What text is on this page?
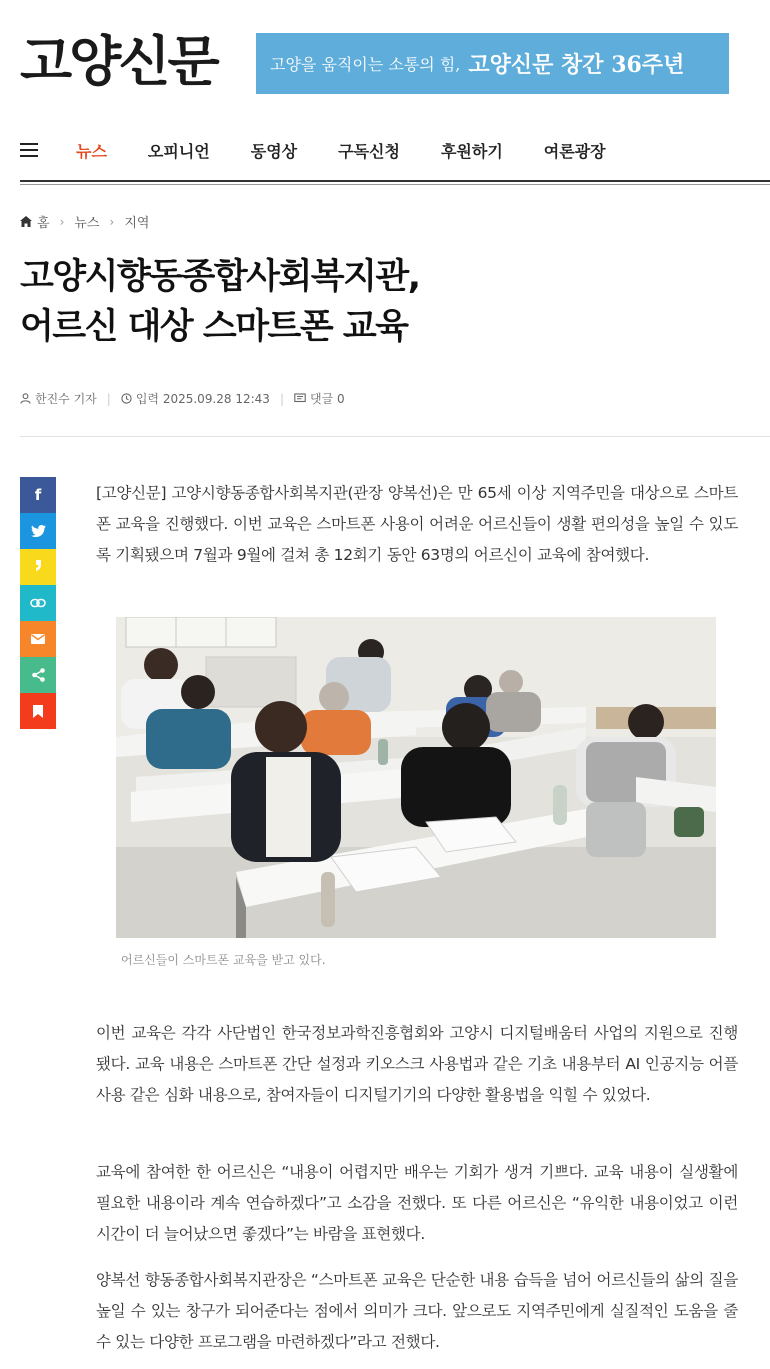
고양신문	고양을 움직이는 소통의 힘, 고양신문 창간 36주년
뉴스	오피니언	동영상	구독신청	후원하기	여론광장
홈 › 뉴스 › 지역
고양시향동종합사회복지관,
어르신 대상 스마트폰 교육
한진수 기자 | 입력 2025.09.28 12:43 | 댓글 0
f	[고양신문] 고양시향동종합사회복지관(관장 양복선)은 만 65세 이상 지역주민을 대상으로 스마트폰 교육을 진행했다. 이번 교육은 스마트폰 사용이 어려운 어르신들이 생활 편의성을 높일 수 있도록 기획됐으며 7월과 9월에 걸쳐 총 12회기 동안 63명의 어르신이 교육에 참여했다.

어르신들이 스마트폰 교육을 받고 있다.

이번 교육은 각각 사단법인 한국정보과학진흥협회와 고양시 디지털배움터 사업의 지원으로 진행됐다. 교육 내용은 스마트폰 간단 설정과 키오스크 사용법과 같은 기초 내용부터 AI 인공지능 어플 사용 같은 심화 내용으로, 참여자들이 디지털기기의 다양한 활용법을 익힐 수 있었다.

교육에 참여한 한 어르신은 “내용이 어렵지만 배우는 기회가 생겨 기쁘다. 교육 내용이 실생활에 필요한 내용이라 계속 연습하겠다”고 소감을 전했다. 또 다른 어르신은 “유익한 내용이었고 이런 시간이 더 늘어났으면 좋겠다”는 바람을 표현했다.

양복선 향동종합사회복지관장은 “스마트폰 교육은 단순한 내용 습득을 넘어 어르신들의 삶의 질을 높일 수 있는 창구가 되어준다는 점에서 의미가 크다. 앞으로도 지역주민에게 실질적인 도움을 줄 수 있는 다양한 프로그램을 마련하겠다”라고 전했다.
